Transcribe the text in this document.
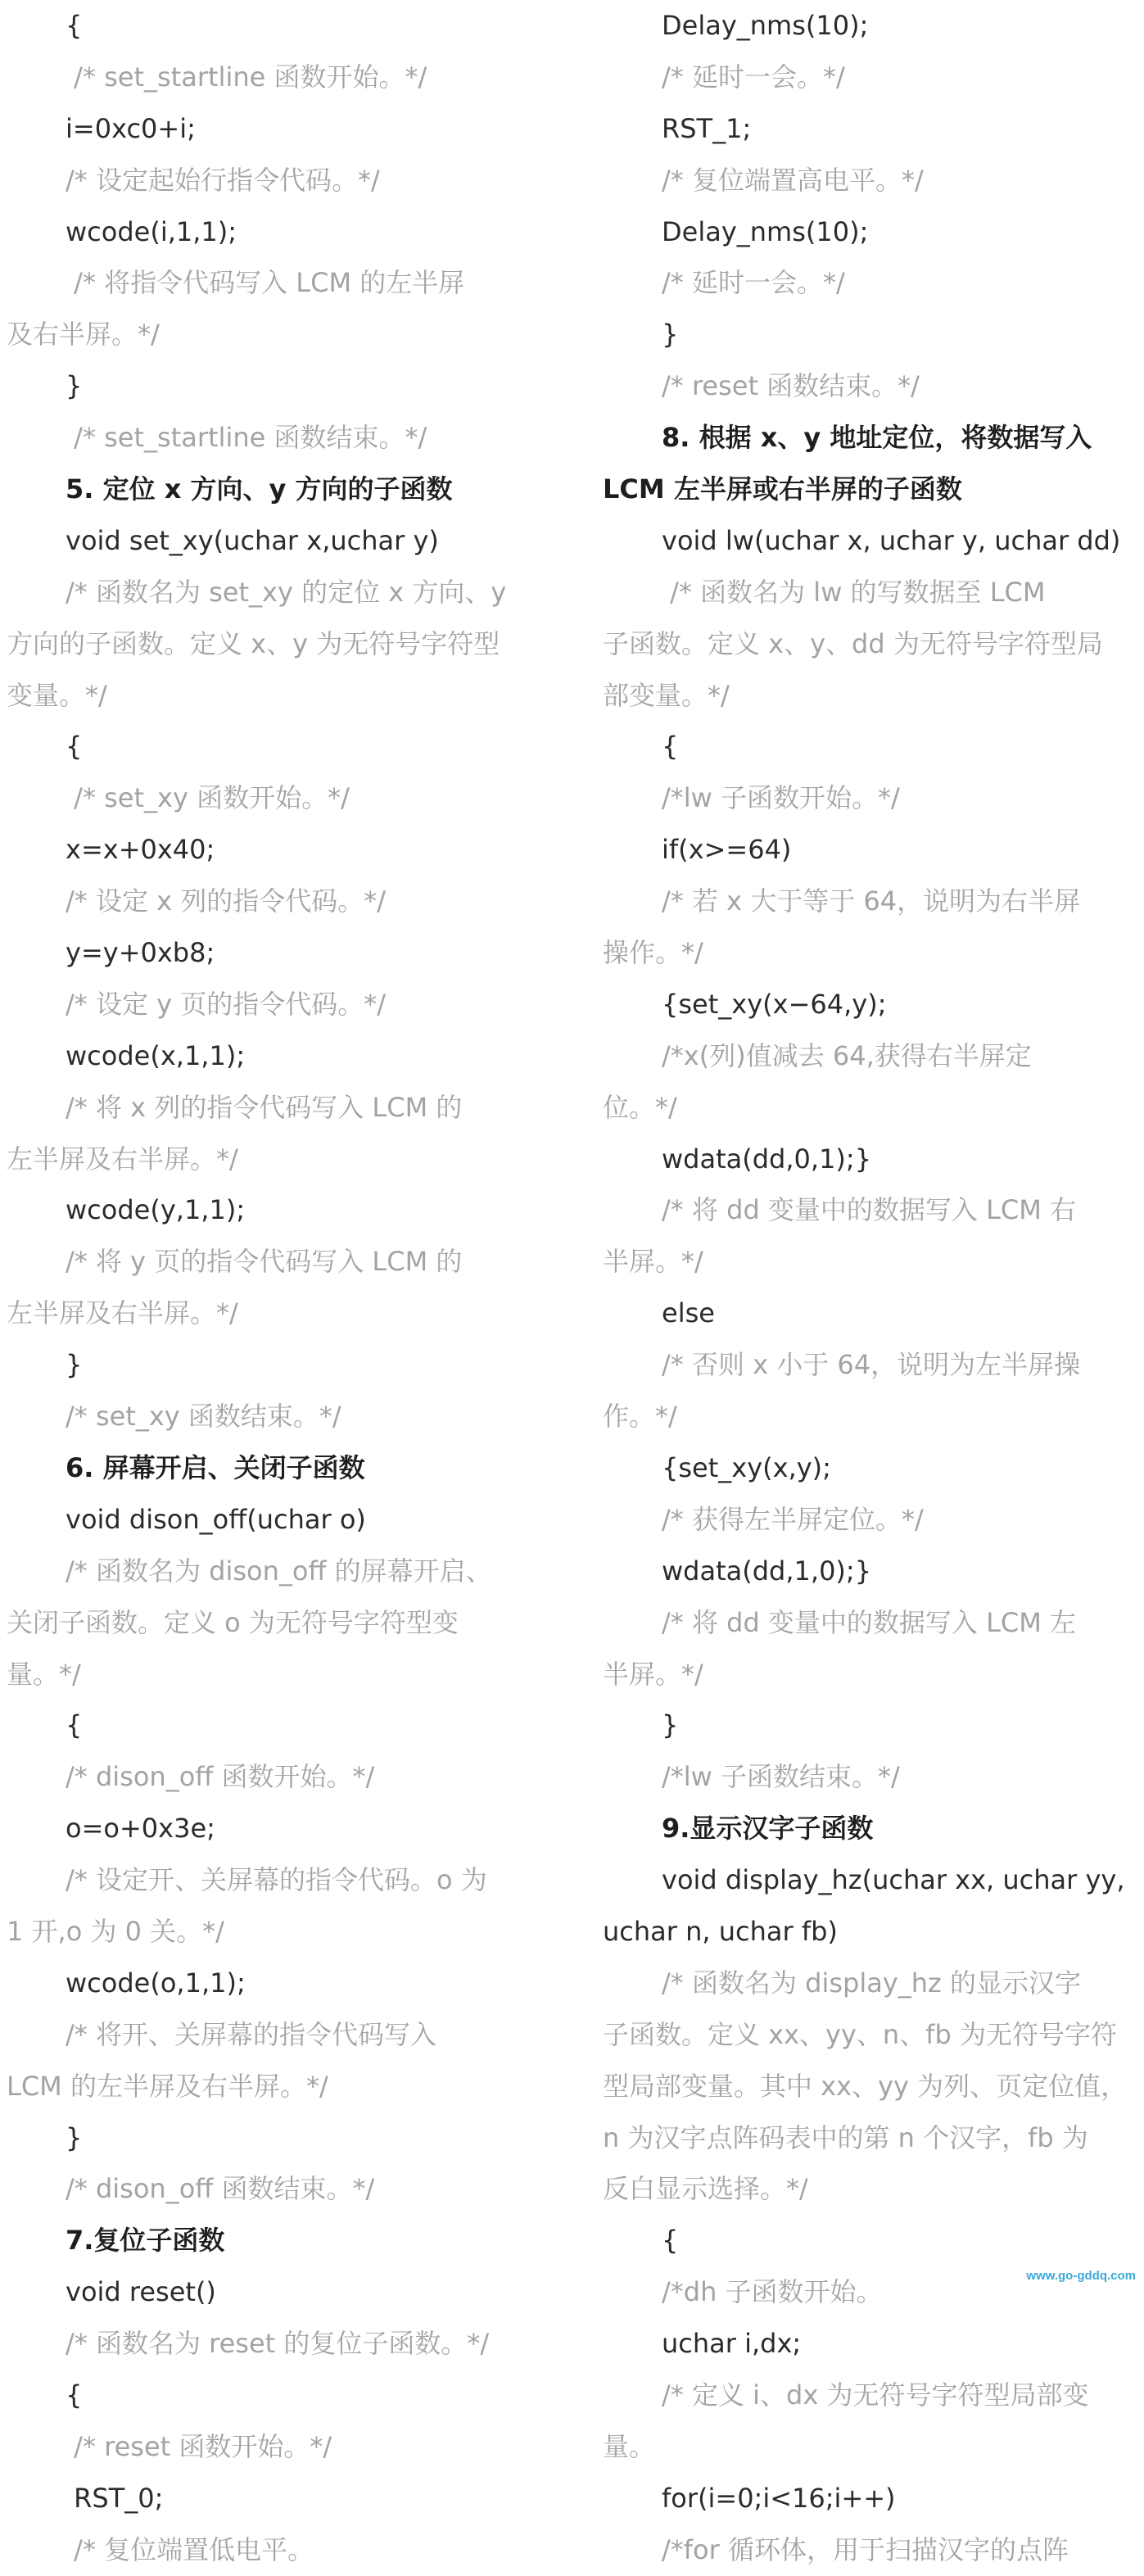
{
/* set_startline 函数开始。*/
i=0xc0+i;
/* 设定起始行指令代码。*/
wcode(i,1,1);
/* 将指令代码写入 LCM 的左半屏
及右半屏。*/
}
/* set_startline 函数结束。*/
5. 定位 x 方向、y 方向的子函数
void set_xy(uchar x,uchar y)
/* 函数名为 set_xy 的定位 x 方向、y
方向的子函数。定义 x、y 为无符号字符型
变量。*/
{
/* set_xy 函数开始。*/
x=x+0x40;
/* 设定 x 列的指令代码。*/
y=y+0xb8;
/* 设定 y 页的指令代码。*/
wcode(x,1,1);
/* 将 x 列的指令代码写入 LCM 的
左半屏及右半屏。*/
wcode(y,1,1);
/* 将 y 页的指令代码写入 LCM 的
左半屏及右半屏。*/
}
/* set_xy 函数结束。*/
6. 屏幕开启、关闭子函数
void dison_off(uchar o)
/* 函数名为 dison_off 的屏幕开启、
关闭子函数。定义 o 为无符号字符型变
量。*/
{
/* dison_off 函数开始。*/
o=o+0x3e;
/* 设定开、关屏幕的指令代码。o 为
1 开,o 为 0 关。*/
wcode(o,1,1);
/* 将开、关屏幕的指令代码写入
LCM 的左半屏及右半屏。*/
}
/* dison_off 函数结束。*/
7.复位子函数
void reset()
/* 函数名为 reset 的复位子函数。*/
{
/* reset 函数开始。*/
RST_0;
/* 复位端置低电平。
Delay_nms(10);
/* 延时一会。*/
RST_1;
/* 复位端置高电平。*/
Delay_nms(10);
/* 延时一会。*/
}
/* reset 函数结束。*/
8. 根据 x、y 地址定位，将数据写入
LCM 左半屏或右半屏的子函数
void lw(uchar x, uchar y, uchar dd)
/* 函数名为 lw 的写数据至 LCM
子函数。定义 x、y、dd 为无符号字符型局
部变量。*/
{
/*lw 子函数开始。*/
if(x>=64)
/* 若 x 大于等于 64，说明为右半屏
操作。*/
{set_xy(x−64,y);
/*x(列)值减去 64,获得右半屏定
位。*/
wdata(dd,0,1);}
/* 将 dd 变量中的数据写入 LCM 右
半屏。*/
else
/* 否则 x 小于 64，说明为左半屏操
作。*/
{set_xy(x,y);
/* 获得左半屏定位。*/
wdata(dd,1,0);}
/* 将 dd 变量中的数据写入 LCM 左
半屏。*/
}
/*lw 子函数结束。*/
9.显示汉字子函数
void display_hz(uchar xx, uchar yy,
uchar n, uchar fb)
/* 函数名为 display_hz 的显示汉字
子函数。定义 xx、yy、n、fb 为无符号字符
型局部变量。其中 xx、yy 为列、页定位值，
n 为汉字点阵码表中的第 n 个汉字，fb 为
反白显示选择。*/
{
/*dh 子函数开始。
uchar i,dx;
/* 定义 i、dx 为无符号字符型局部变
量。
for(i=0;i<16;i++)
/*for 循环体，用于扫描汉字的点阵
www.go-gddq.com
